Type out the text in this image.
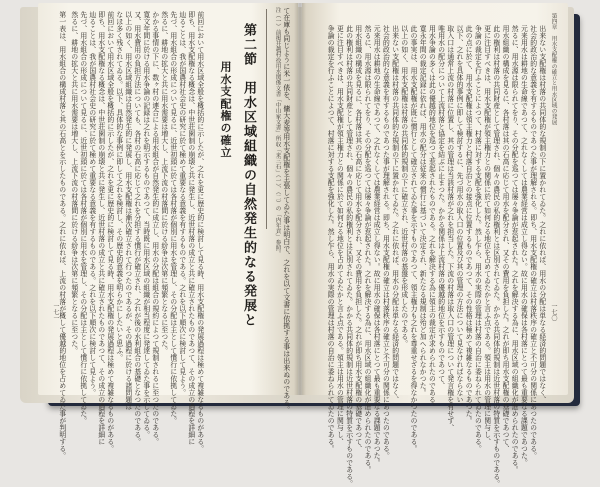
一七一	て在庫も同じように米一俵を、傭大麦等用水支配権を主張してゐた事は明白で、之れを以て文書に依拠する事は出来ぬのである。
注（一）前掲井越村役用水関係文書「中山家文書」所収「米三石」（一）、（二）の「内年貢」参照。
第二節　用水区域組織の自然発生的なる発展と
用水支配権の確立
前回において用水区域全般を概括的に示したが、之れを更に歴史的に検討して見る時、用水支配権の発展過程は極めて複雑なるものがある。
即ち、用水支配権なる概念は、中世荘園制の崩壊と共に発生し、近世村落の成立と共に確立されたものであつて、その成立の過程を詳細に
辿ることは、我が国農村社会史の研究に於て極めて重要なる意義を有するものである。之れを以下順次に検討して見よう。
先づ、用水組合の形成について見るに、近世初頭に於ては各村落が個別に用水を管理し、その分配は主として慣行に依拠してゐた。
然るに、耕地の拡大と共に用水需要は増大し、上流下流の村落間に於ける紛争は次第に頻繁となるに至つた。
かかる事情の下に、数ヶ村の連合による用水組合が自然発生的に成立し、用水の分配は組合の規約によつて規制されるに至つたのである。
寛文年間に於ける用水争論の記録は之れを明示するものであつて、当時既に用水区域の組織が相当程度に発達してゐた事を示してゐる。
又、用水費用の負担方法についても、各村の石高に応じて之れを分担する慣行が確立され、之れが後の水利組合の基礎となつたのである。
以上の如く、用水区域組織は自然発生的に発展し、用水支配権は漸次確立されて行つたのであるが、その過程に於ける諸問題は
なほ多く残されてゐる。以下、具体的な事例に即して之れを検討し、その歴史的意義を明らかにしたいと思ふ。
第一表は、用水組合の構成村落と其の石高とを示したものである。之れに依れば、上流の村落が概して優越的地位を占めてゐた事が判明する。	前回において用水区域全般を概括的に示したが、之れを更に歴史的に検討して見る時、用水支配権の発展過程は極めて複雑なるものがある。
即ち、用水支配権なる概念は、中世荘園制の崩壊と共に発生し、近世村落の成立と共に確立されたものであつて、その成立の過程を詳細に
辿ることは、我が国農村社会史の研究に於て極めて重要なる意義を有するものである。之れを以下順次に検討して見よう。
先づ、用水組合の形成について見るに、近世初頭に於ては各村落が個別に用水を管理し、その分配は主として慣行に依拠してゐた。
然るに、耕地の拡大と共に用水需要は増大し、上流下流の村落間に於ける紛争は次第に頻繁となるに至つた。	第四章　用水支配権の確立と用水区域の発展
一七〇
出来ない支配権は村落の共同体的な規制の下に置かれてゐた。之れに依れば、用水の分配は単なる経済的問題ではなく、
社会的政治的な意義を有するものであつた事が理解される。即ち、用水支配権の確立は村落秩序の確立と不可分の関係にあつたのである。
元来用水は耕地の生命線であつて、之れなくしては農業経営は成立し得ない。故に用水の確保は各村落にとつて最も重要なる課題であつた。
然るに、用水源は限られてをり、その分配を巡つては屡々争論が惹起された。之れを解決する為に、用水区域の組織化が進められたのである。
用水組織の構成を見るに、各村落は其の石高に応じて用水を配分され、又その費用を負担した。之れが即ち用水支配権の基礎であつて、
此の権利は村落の共同財産として管理され、個々の農民の私的権利とは区別されてゐた。かかる共同体的規制は近世村落の特質を示すものである。
更に注目すべきは、用水支配権が領主権力との関係に於て如何なる地位を占めてゐたかと言ふ点である。領主は用水の管理に関与し、
争論の裁定を行ふことによつて、村落に対する支配を強化した。然し乍ら、用水の実際の管理は村落の自治に委ねられてゐたのである。
此の点に於て、用水支配権は領主権力と村落自治との接点に位置するものであつて、その性格は極めて複雑なるものであつた。
以下、之れを具体的事例に即して検討するに、先づ用水の取入口の位置及び其の管理の方法について見なければならない。
取入口は通常上流の村落に位置し、其の管理は当該村落が之れを担当した。下流の村落は取入口の管理について発言権を有せず、
唯用水の配分について上流村落と協定を結ぶに止まつた。かかる関係は上流村落の優越的地位を示すものであつて、
用水争論の多くは此の優越的地位を巡つて惹起されたものである。之れを解決する為に領主の裁定が求められたのである。
寛永年間の裁定記録に依れば、用水の配分は従来の慣行に基づいて決定され、新たなる規制は殆ど加へられなかつた。
此の事実は、用水支配権が既に慣行として確立されてゐた事を示すものであつて、領主権力も之れを尊重せざるを得なかつたのである。
以上の如く、用水支配権は村落の共同体的規制の下に確立され、近世村落の基盤を形成したのである。
出来ない支配権は村落の共同体的な規制の下に置かれてゐた。之れに依れば、用水の分配は単なる経済的問題ではなく、
社会的政治的な意義を有するものであつた事が理解される。即ち、用水支配権の確立は村落秩序の確立と不可分の関係にあつたのである。
元来用水は耕地の生命線であつて、之れなくしては農業経営は成立し得ない。故に用水の確保は各村落にとつて最も重要なる課題であつた。
然るに、用水源は限られてをり、その分配を巡つては屡々争論が惹起された。之れを解決する為に、用水区域の組織化が進められたのである。
用水組織の構成を見るに、各村落は其の石高に応じて用水を配分され、又その費用を負担した。之れが即ち用水支配権の基礎であつて、
此の権利は村落の共同財産として管理され、個々の農民の私的権利とは区別されてゐた。かかる共同体的規制は近世村落の特質を示すものである。
更に注目すべきは、用水支配権が領主権力との関係に於て如何なる地位を占めてゐたかと言ふ点である。領主は用水の管理に関与し、
争論の裁定を行ふことによつて、村落に対する支配を強化した。然し乍ら、用水の実際の管理は村落の自治に委ねられてゐたのである。
